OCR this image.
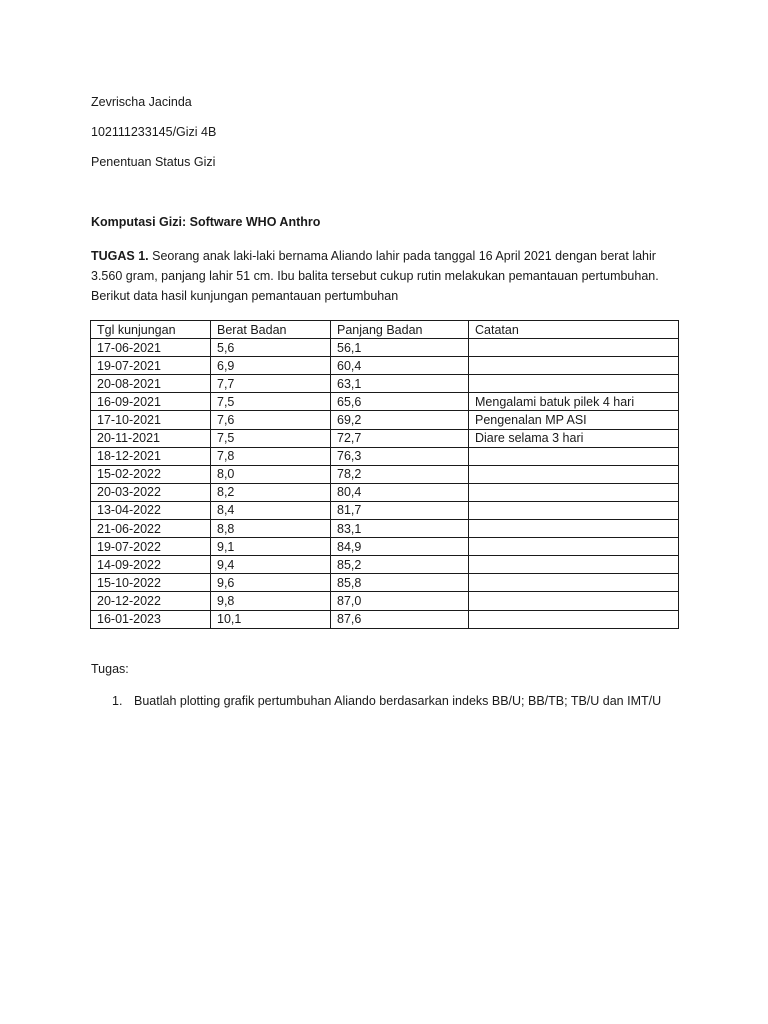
Zevrischa Jacinda
102111233145/Gizi 4B
Penentuan Status Gizi
Komputasi Gizi: Software WHO Anthro
TUGAS 1. Seorang anak laki-laki bernama Aliando lahir pada tanggal 16 April 2021 dengan berat lahir
3.560 gram, panjang lahir 51 cm. Ibu balita tersebut cukup rutin melakukan pemantauan pertumbuhan.
Berikut data hasil kunjungan pemantauan pertumbuhan
Tgl kunjungan	Berat Badan	Panjang Badan	Catatan
17-06-2021	5,6	56,1	
19-07-2021	6,9	60,4	
20-08-2021	7,7	63,1	
16-09-2021	7,5	65,6	Mengalami batuk pilek 4 hari
17-10-2021	7,6	69,2	Pengenalan MP ASI
20-11-2021	7,5	72,7	Diare selama 3 hari
18-12-2021	7,8	76,3	
15-02-2022	8,0	78,2	
20-03-2022	8,2	80,4	
13-04-2022	8,4	81,7	
21-06-2022	8,8	83,1	
19-07-2022	9,1	84,9	
14-09-2022	9,4	85,2	
15-10-2022	9,6	85,8	
20-12-2022	9,8	87,0	
16-01-2023	10,1	87,6	
Tugas:
1. Buatlah plotting grafik pertumbuhan Aliando berdasarkan indeks BB/U; BB/TB; TB/U dan IMT/U
